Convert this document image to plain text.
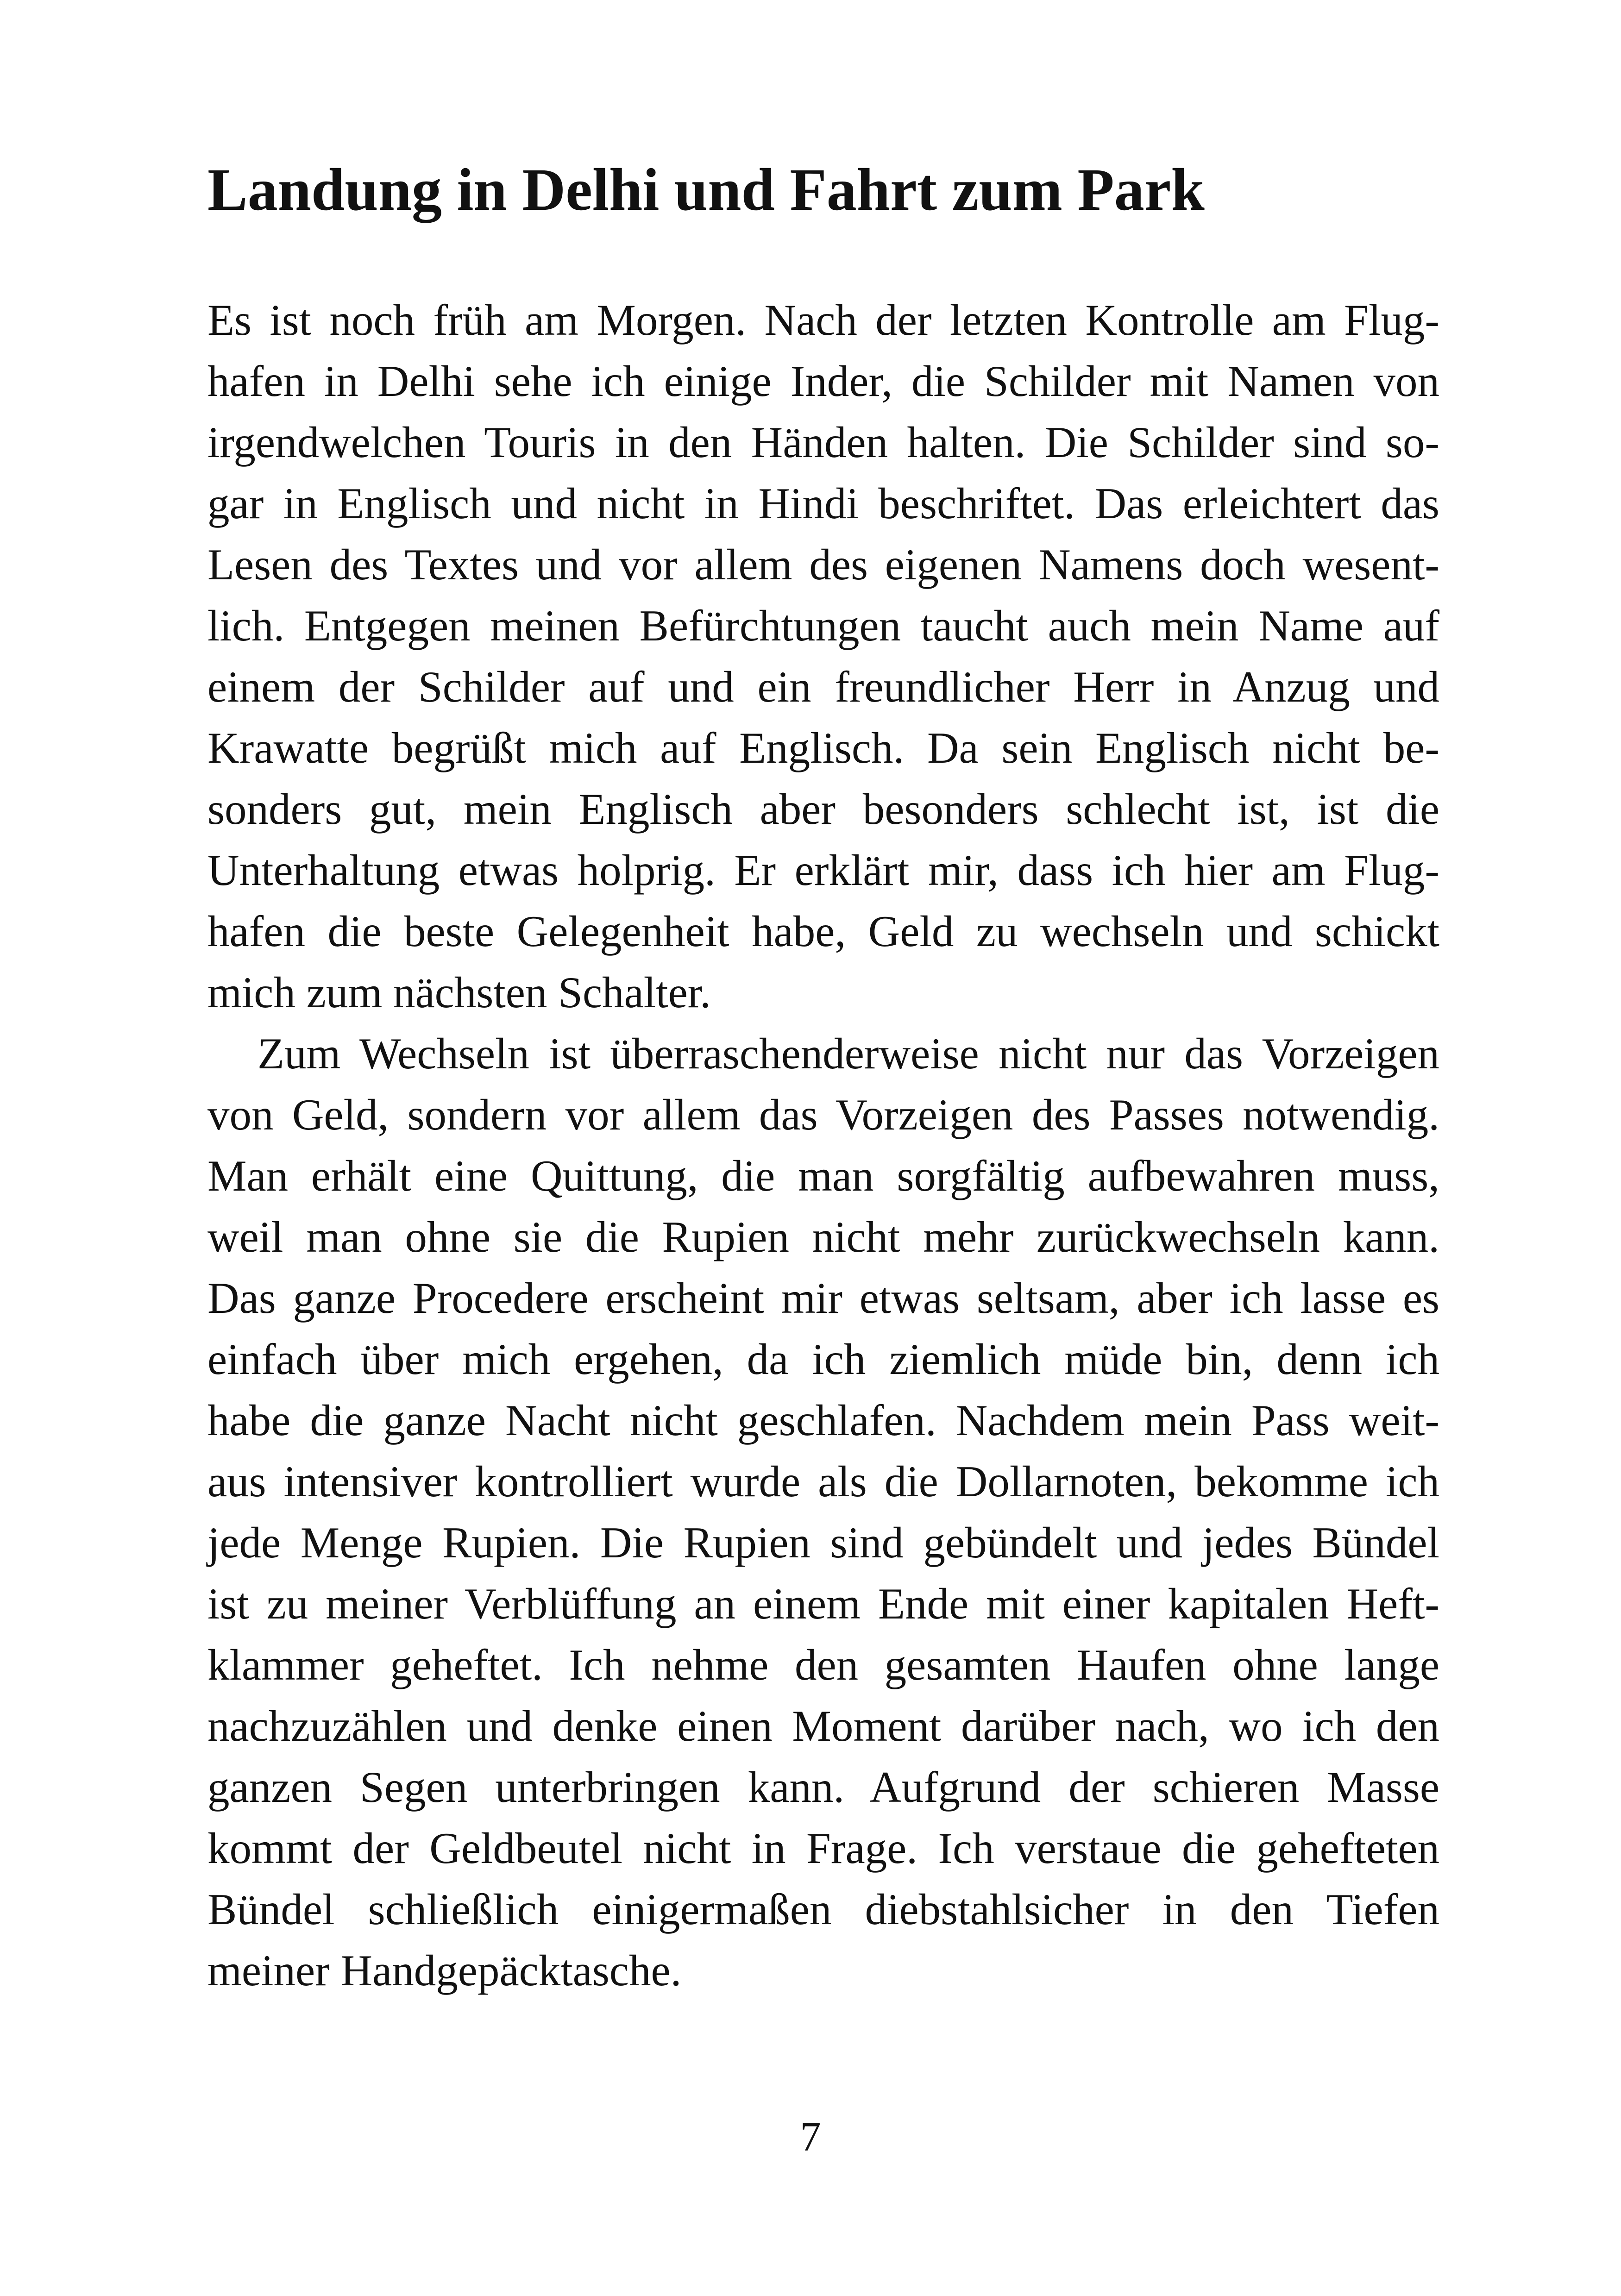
Landung in Delhi und Fahrt zum Park
Es ist noch früh am Morgen. Nach der letzten Kontrolle am Flug-
hafen in Delhi sehe ich einige Inder, die Schilder mit Namen von
irgendwelchen Touris in den Händen halten. Die Schilder sind so-
gar in Englisch und nicht in Hindi beschriftet. Das erleichtert das
Lesen des Textes und vor allem des eigenen Namens doch wesent-
lich. Entgegen meinen Befürchtungen taucht auch mein Name auf
einem der Schilder auf und ein freundlicher Herr in Anzug und
Krawatte begrüßt mich auf Englisch. Da sein Englisch nicht be-
sonders gut, mein Englisch aber besonders schlecht ist, ist die
Unterhaltung etwas holprig. Er erklärt mir, dass ich hier am Flug-
hafen die beste Gelegenheit habe, Geld zu wechseln und schickt
mich zum nächsten Schalter.
Zum Wechseln ist überraschenderweise nicht nur das Vorzeigen
von Geld, sondern vor allem das Vorzeigen des Passes notwendig.
Man erhält eine Quittung, die man sorgfältig aufbewahren muss,
weil man ohne sie die Rupien nicht mehr zurückwechseln kann.
Das ganze Procedere erscheint mir etwas seltsam, aber ich lasse es
einfach über mich ergehen, da ich ziemlich müde bin, denn ich
habe die ganze Nacht nicht geschlafen. Nachdem mein Pass weit-
aus intensiver kontrolliert wurde als die Dollarnoten, bekomme ich
jede Menge Rupien. Die Rupien sind gebündelt und jedes Bündel
ist zu meiner Verblüffung an einem Ende mit einer kapitalen Heft-
klammer geheftet. Ich nehme den gesamten Haufen ohne lange
nachzuzählen und denke einen Moment darüber nach, wo ich den
ganzen Segen unterbringen kann. Aufgrund der schieren Masse
kommt der Geldbeutel nicht in Frage. Ich verstaue die gehefteten
Bündel schließlich einigermaßen diebstahlsicher in den Tiefen
meiner Handgepäcktasche.
7
